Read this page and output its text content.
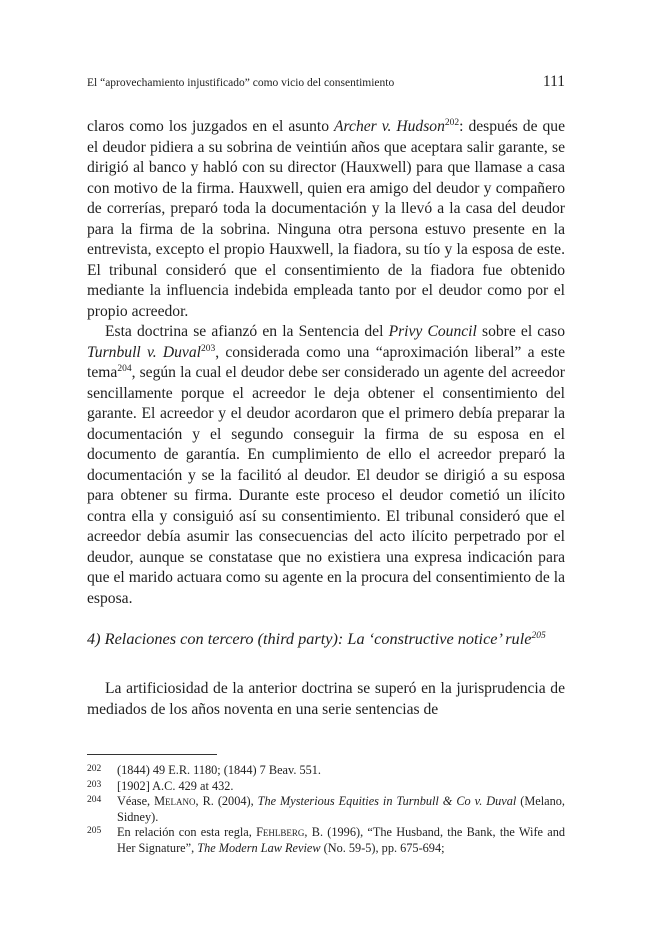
El “aprovechamiento injustificado” como vicio del consentimiento	111

claros como los juzgados en el asunto Archer v. Hudson$^{202}$: después de que el deudor pidiera a su sobrina de veintiún años que aceptara salir garante, se dirigió al banco y habló con su director (Hauxwell) para que llamase a casa con motivo de la firma. Hauxwell, quien era amigo del deudor y compañero de correrías, preparó toda la documentación y la llevó a la casa del deudor para la firma de la sobrina. Ninguna otra persona estuvo presente en la entrevista, excepto el propio Hauxwell, la fiadora, su tío y la esposa de este. El tribunal consideró que el consentimiento de la fiadora fue obtenido mediante la influencia indebida empleada tanto por el deudor como por el propio acreedor.

Esta doctrina se afianzó en la Sentencia del Privy Council sobre el caso Turnbull v. Duval$^{203}$, considerada como una “aproximación liberal” a este tema$^{204}$, según la cual el deudor debe ser considerado un agente del acreedor sencillamente porque el acreedor le deja obtener el consentimiento del garante. El acreedor y el deudor acordaron que el primero debía preparar la documentación y el segundo conseguir la firma de su esposa en el documento de garantía. En cumplimiento de ello el acreedor preparó la documentación y se la facilitó al deudor. El deudor se dirigió a su esposa para obtener su firma. Durante este proceso el deudor cometió un ilícito contra ella y consiguió así su consentimiento. El tribunal consideró que el acreedor debía asumir las consecuencias del acto ilícito perpetrado por el deudor, aunque se constatase que no existiera una expresa indicación para que el marido actuara como su agente en la procura del consentimiento de la esposa.

4) Relaciones con tercero (third party): La ‘constructive notice’ rule$^{205}$

La artificiosidad de la anterior doctrina se superó en la jurisprudencia de mediados de los años noventa en una serie sentencias de

202 (1844) 49 E.R. 1180; (1844) 7 Beav. 551.
203 [1902] A.C. 429 at 432.
204 Véase, Melano, R. (2004), The Mysterious Equities in Turnbull & Co v. Duval (Melano, Sidney).
205 En relación con esta regla, Fehlberg, B. (1996), “The Husband, the Bank, the Wife and Her Signature”, The Modern Law Review (No. 59-5), pp. 675-694;
